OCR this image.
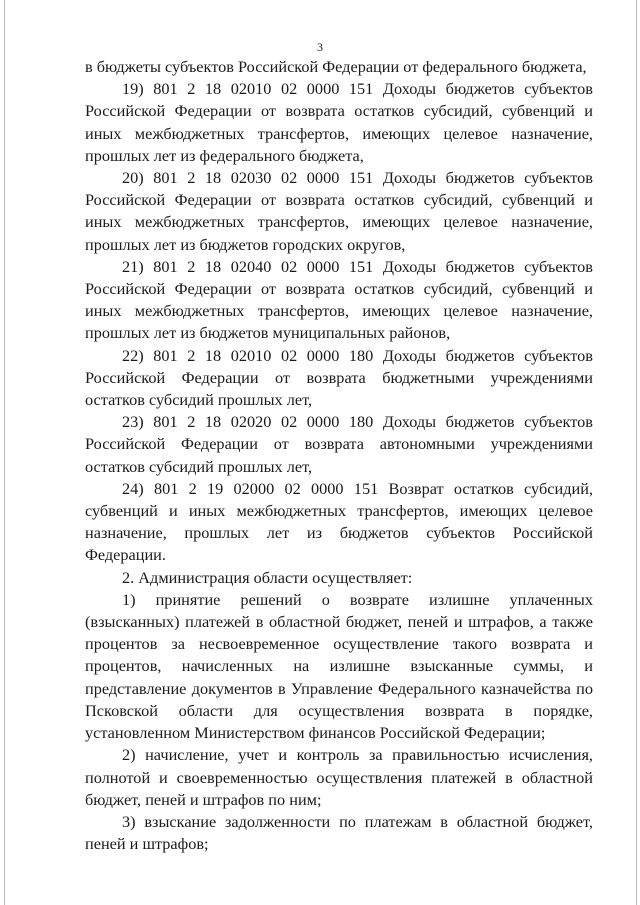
3

в бюджеты субъектов Российской Федерации от федерального бюджета,

19) 801 2 18 02010 02 0000 151 Доходы бюджетов субъектов Российской Федерации от возврата остатков субсидий, субвенций и иных межбюджетных трансфертов, имеющих целевое назначение, прошлых лет из федерального бюджета,

20) 801 2 18 02030 02 0000 151 Доходы бюджетов субъектов Российской Федерации от возврата остатков субсидий, субвенций и иных межбюджетных трансфертов, имеющих целевое назначение, прошлых лет из бюджетов городских округов,

21) 801 2 18 02040 02 0000 151 Доходы бюджетов субъектов Российской Федерации от возврата остатков субсидий, субвенций и иных межбюджетных трансфертов, имеющих целевое назначение, прошлых лет из бюджетов муниципальных районов,

22) 801 2 18 02010 02 0000 180 Доходы бюджетов субъектов Российской Федерации от возврата бюджетными учреждениями остатков субсидий прошлых лет,

23) 801 2 18 02020 02 0000 180 Доходы бюджетов субъектов Российской Федерации от возврата автономными учреждениями остатков субсидий прошлых лет,

24) 801 2 19 02000 02 0000 151 Возврат остатков субсидий, субвенций и иных межбюджетных трансфертов, имеющих целевое назначение, прошлых лет из бюджетов субъектов Российской Федерации.

2. Администрация области осуществляет:

1) принятие решений о возврате излишне уплаченных (взысканных) платежей в областной бюджет, пеней и штрафов, а также процентов за несвоевременное осуществление такого возврата и процентов, начисленных на излишне взысканные суммы, и представление документов в Управление Федерального казначейства по Псковской области для осуществления возврата в порядке, установленном Министерством финансов Российской Федерации;

2) начисление, учет и контроль за правильностью исчисления, полнотой и своевременностью осуществления платежей в областной бюджет, пеней и штрафов по ним;

3) взыскание задолженности по платежам в областной бюджет, пеней и штрафов;
